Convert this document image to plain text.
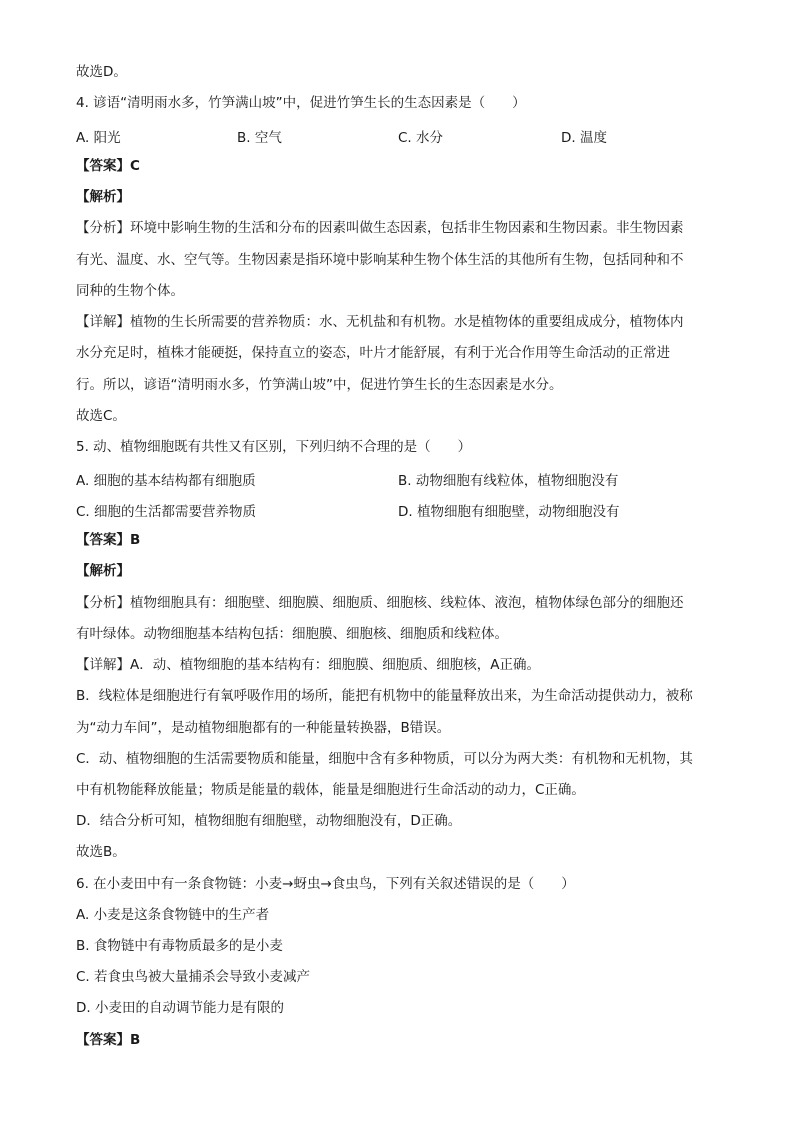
故选D。
4. 谚语“清明雨水多，竹笋满山坡”中，促进竹笋生长的生态因素是（　　）
A. 阳光	B. 空气	C. 水分	D. 温度
【答案】C
【解析】
【分析】环境中影响生物的生活和分布的因素叫做生态因素，包括非生物因素和生物因素。非生物因素
有光、温度、水、空气等。生物因素是指环境中影响某种生物个体生活的其他所有生物，包括同种和不
同种的生物个体。
【详解】植物的生长所需要的营养物质：水、无机盐和有机物。水是植物体的重要组成成分，植物体内
水分充足时，植株才能硬挺，保持直立的姿态，叶片才能舒展，有利于光合作用等生命活动的正常进
行。所以，谚语“清明雨水多，竹笋满山坡”中，促进竹笋生长的生态因素是水分。
故选C。
5. 动、植物细胞既有共性又有区别，下列归纳不合理的是（　　）
A. 细胞的基本结构都有细胞质	B. 动物细胞有线粒体，植物细胞没有
C. 细胞的生活都需要营养物质	D. 植物细胞有细胞壁，动物细胞没有
【答案】B
【解析】
【分析】植物细胞具有：细胞壁、细胞膜、细胞质、细胞核、线粒体、液泡，植物体绿色部分的细胞还
有叶绿体。动物细胞基本结构包括：细胞膜、细胞核、细胞质和线粒体。
【详解】A．动、植物细胞的基本结构有：细胞膜、细胞质、细胞核，A正确。
B．线粒体是细胞进行有氧呼吸作用的场所，能把有机物中的能量释放出来，为生命活动提供动力，被称
为“动力车间”，是动植物细胞都有的一种能量转换器，B错误。
C．动、植物细胞的生活需要物质和能量，细胞中含有多种物质，可以分为两大类：有机物和无机物，其
中有机物能释放能量；物质是能量的载体，能量是细胞进行生命活动的动力，C正确。
D．结合分析可知，植物细胞有细胞壁，动物细胞没有，D正确。
故选B。
6. 在小麦田中有一条食物链：小麦→蚜虫→食虫鸟，下列有关叙述错误的是（　　）
A. 小麦是这条食物链中的生产者
B. 食物链中有毒物质最多的是小麦
C. 若食虫鸟被大量捕杀会导致小麦减产
D. 小麦田的自动调节能力是有限的
【答案】B
